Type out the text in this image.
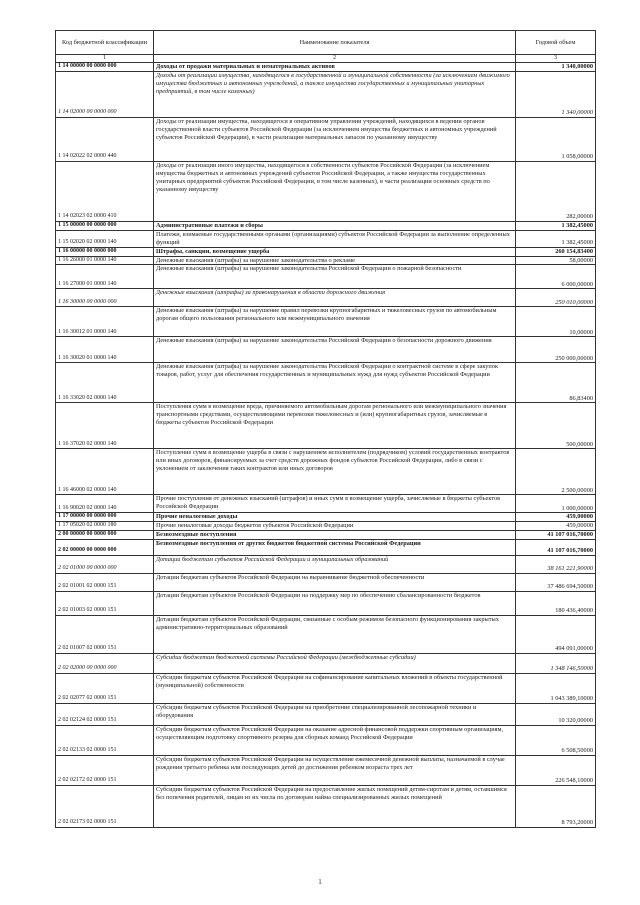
Код бюджетной классификации	Наименование показателя	Годовой объем
1	2	3
1 14 00000 00 0000 000	Доходы от продажи материальных и нематериальных активов	1 340,00000
1 14 02000 00 0000 000	Доходы от реализации имущества, находящегося в государственной и муниципальной собственности (за исключением движимого имущества бюджетных и автономных учреждений, а также имущества государственных и муниципальных унитарных предприятий, в том числе казенных)	1 340,00000
1 14 02022 02 0000 440	Доходы от реализации имущества, находящегося в оперативном управлении учреждений, находящихся в ведении органов государственной власти субъектов Российской Федерации (за исключением имущества бюджетных и автономных учреждений субъектов Российской Федерации), в части реализации материальных запасов по указанному имуществу	1 058,00000
1 14 02023 02 0000 410	Доходы от реализации иного имущества, находящегося в собственности субъектов Российской Федерации (за исключением имущества бюджетных и автономных учреждений субъектов Российской Федерации, а также имущества государственных унитарных предприятий субъектов Российской Федерации, в том числе казенных), в части реализации основных средств по указанному имуществу	282,00000
1 15 00000 00 0000 000	Административные платежи и сборы	1 382,45000
1 15 02020 02 0000 140	Платежи, взимаемые государственными органами (организациями) субъектов Российской Федерации за выполнение определенных функций	1 382,45000
1 16 00000 00 0000 000	Штрафы, санкции, возмещение ущерба	260 154,83400
1 16 26000 01 0000 140	Денежные взыскания (штрафы) за нарушение законодательства о рекламе	58,00000
1 16 27000 01 0000 140	Денежные взыскания (штрафы) за нарушение законодательства Российской Федерации о пожарной безопасности	6 000,00000
1 16 30000 00 0000 000	Денежные взыскания (штрафы) за правонарушения в области дорожного движения	250 010,00000
1 16 30012 01 0000 140	Денежные взыскания (штрафы) за нарушение правил перевозки крупногабаритных и тяжеловесных грузов по автомобильным дорогам общего пользования регионального или межмуниципального значения	10,00000
1 16 30020 01 0000 140	Денежные взыскания (штрафы) за нарушение законодательства Российской Федерации о безопасности дорожного движения	250 000,00000
1 16 33020 02 0000 140	Денежные взыскания (штрафы) за нарушение законодательства Российской Федерации о контрактной системе в сфере закупок товаров, работ, услуг для обеспечения государственных и муниципальных нужд для нужд субъектов Российской Федерации	86,83400
1 16 37020 02 0000 140	Поступления сумм в возмещение вреда, причиняемого автомобильным дорогам регионального или межмуниципального значения транспортными средствами, осуществляющими перевозки тяжеловесных и (или) крупногабаритных грузов, зачисляемые в бюджеты субъектов Российской Федерации	500,00000
1 16 46000 02 0000 140	Поступление сумм в возмещение ущерба в связи с нарушением исполнителем (подрядчиком) условий государственных контрактов или иных договоров, финансируемых за счет средств дорожных фондов субъектов Российской Федерации, либо в связи с уклонением от заключения таких контрактов или иных договоров	2 500,00000
1 16 90020 02 0000 140	Прочие поступления от денежных взысканий (штрафов) и иных сумм в возмещение ущерба, зачисляемые в бюджеты субъектов Российской Федерации	1 000,00000
1 17 00000 00 0000 000	Прочие неналоговые доходы	459,00000
1 17 05020 02 0000 180	Прочие неналоговые доходы бюджетов субъектов Российской Федерации	459,00000
2 00 00000 00 0000 000	Безвозмездные поступления	41 107 016,70000
2 02 00000 00 0000 000	Безвозмездные поступления от других бюджетов бюджетной системы Российской Федерации	41 107 016,70000
2 02 01000 00 0000 000	Дотации бюджетам субъектов Российской Федерации и муниципальных образований	38 161 221,90000
2 02 01001 02 0000 151	Дотации бюджетам субъектов Российской Федерации на выравнивание бюджетной обеспеченности	37 486 694,50000
2 02 01003 02 0000 151	Дотации бюджетам субъектов Российской Федерации на поддержку мер по обеспечению сбалансированности бюджетов	180 436,40000
2 02 01007 02 0000 151	Дотации бюджетам субъектов Российской Федерации, связанные с особым режимом безопасного функционирования закрытых административно-территориальных образований	494 091,00000
2 02 02000 00 0000 000	Субсидии бюджетам бюджетной системы Российской Федерации (межбюджетные субсидии)	1 348 146,50000
2 02 02077 02 0000 151	Субсидии бюджетам субъектов Российской Федерации на софинансирование капитальных вложений в объекты государственной (муниципальной) собственности	1 043 389,10000
2 02 02124 02 0000 151	Субсидии бюджетам субъектов Российской Федерации на приобретение специализированной лесопожарной техники и оборудования	10 320,00000
2 02 02133 02 0000 151	Субсидии бюджетам субъектов Российской Федерации на оказание адресной финансовой поддержки спортивным организациям, осуществляющим подготовку спортивного резерва для сборных команд Российской Федерации	6 508,50000
2 02 02172 02 0000 151	Субсидии бюджетам субъектов Российской Федерации на осуществление ежемесячной денежной выплаты, назначаемой в случае рождения третьего ребенка или последующих детей до достижения ребенком возраста трех лет	226 548,10000
2 02 02173 02 0000 151	Субсидии бюджетам субъектов Российской Федерации на предоставление жилых помещений детям-сиротам и детям, оставшимся без попечения родителей, лицам из их числа по договорам найма специализированных жилых помещений	8 793,20000
1
